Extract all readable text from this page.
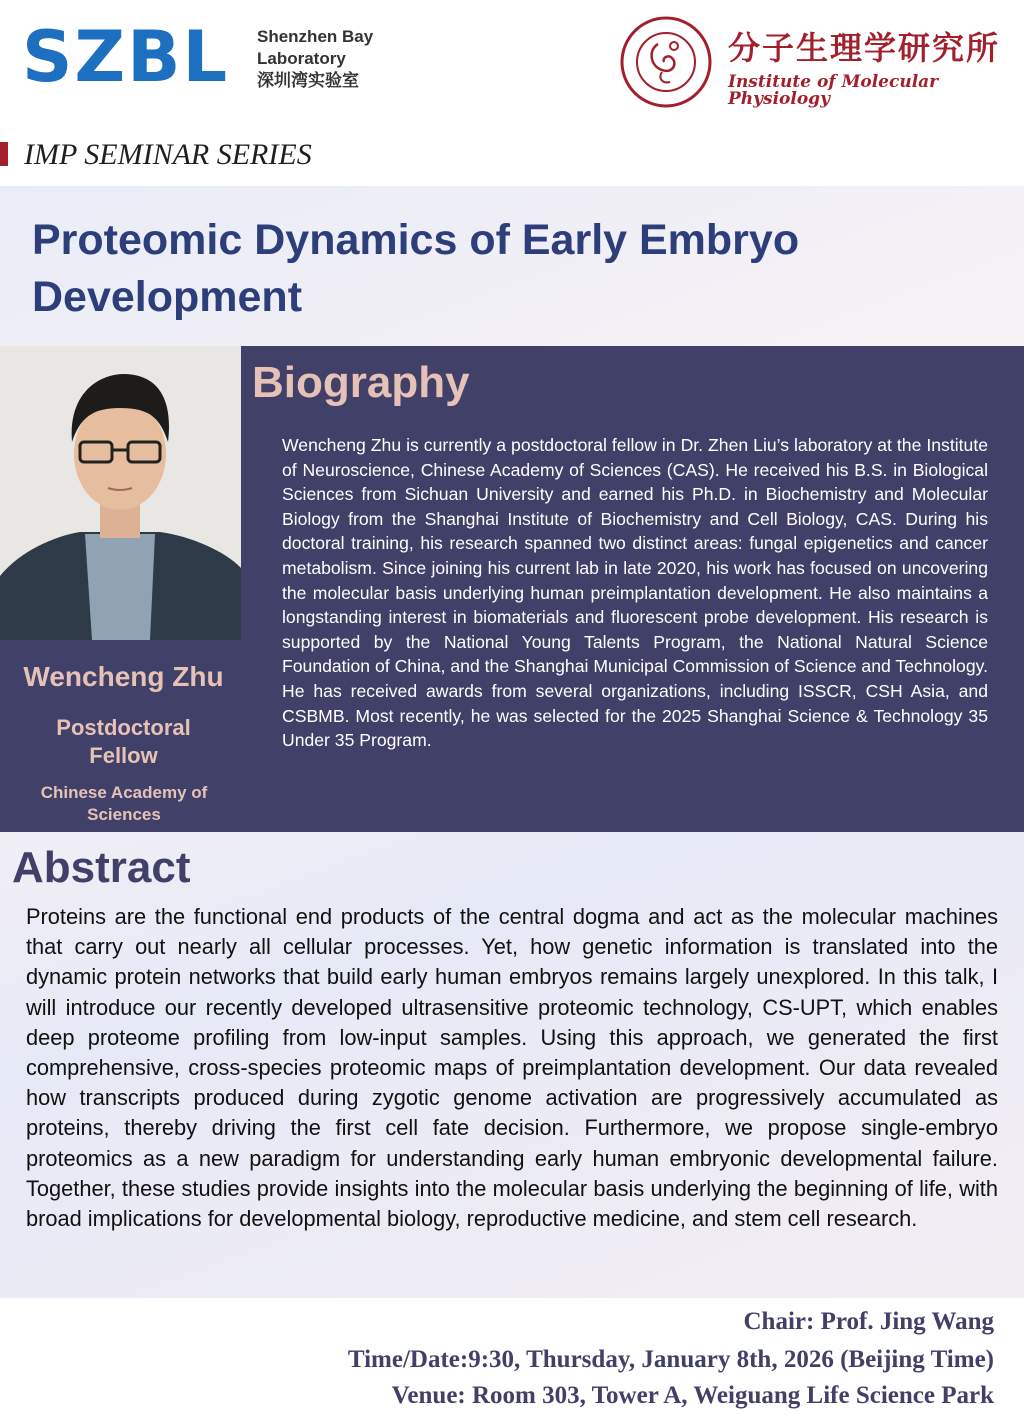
SZBL Shenzhen Bay
Laboratory
深圳湾实验室
分子生理学研究所
Institute of Molecular Physiology
IMP SEMINAR SERIES
Proteomic Dynamics of Early Embryo Development
Wencheng Zhu
Postdoctoral
Fellow
Chinese Academy of
Sciences
Biography
Wencheng Zhu is currently a postdoctoral fellow in Dr. Zhen Liu’s laboratory at the Institute of Neuroscience, Chinese Academy of Sciences (CAS). He received his B.S. in Biological Sciences from Sichuan University and earned his Ph.D. in Biochemistry and Molecular Biology from the Shanghai Institute of Biochemistry and Cell Biology, CAS. During his doctoral training, his research spanned two distinct areas: fungal epigenetics and cancer metabolism. Since joining his current lab in late 2020, his work has focused on uncovering the molecular basis underlying human preimplantation development. He also maintains a longstanding interest in biomaterials and fluorescent probe development. His research is supported by the National Young Talents Program, the National Natural Science Foundation of China, and the Shanghai Municipal Commission of Science and Technology. He has received awards from several organizations, including ISSCR, CSH Asia, and CSBMB. Most recently, he was selected for the 2025 Shanghai Science & Technology 35 Under 35 Program.
Abstract
Proteins are the functional end products of the central dogma and act as the molecular machines that carry out nearly all cellular processes. Yet, how genetic information is translated into the dynamic protein networks that build early human embryos remains largely unexplored. In this talk, I will introduce our recently developed ultrasensitive proteomic technology, CS-UPT, which enables deep proteome profiling from low-input samples. Using this approach, we generated the first comprehensive, cross-species proteomic maps of preimplantation development. Our data revealed how transcripts produced during zygotic genome activation are progressively accumulated as proteins, thereby driving the first cell fate decision. Furthermore, we propose single-embryo proteomics as a new paradigm for understanding early human embryonic developmental failure. Together, these studies provide insights into the molecular basis underlying the beginning of life, with broad implications for developmental biology, reproductive medicine, and stem cell research.
Chair: Prof. Jing Wang
Time/Date:9:30, Thursday, January 8th, 2026 (Beijing Time)
Venue: Room 303, Tower A, Weiguang Life Science Park
